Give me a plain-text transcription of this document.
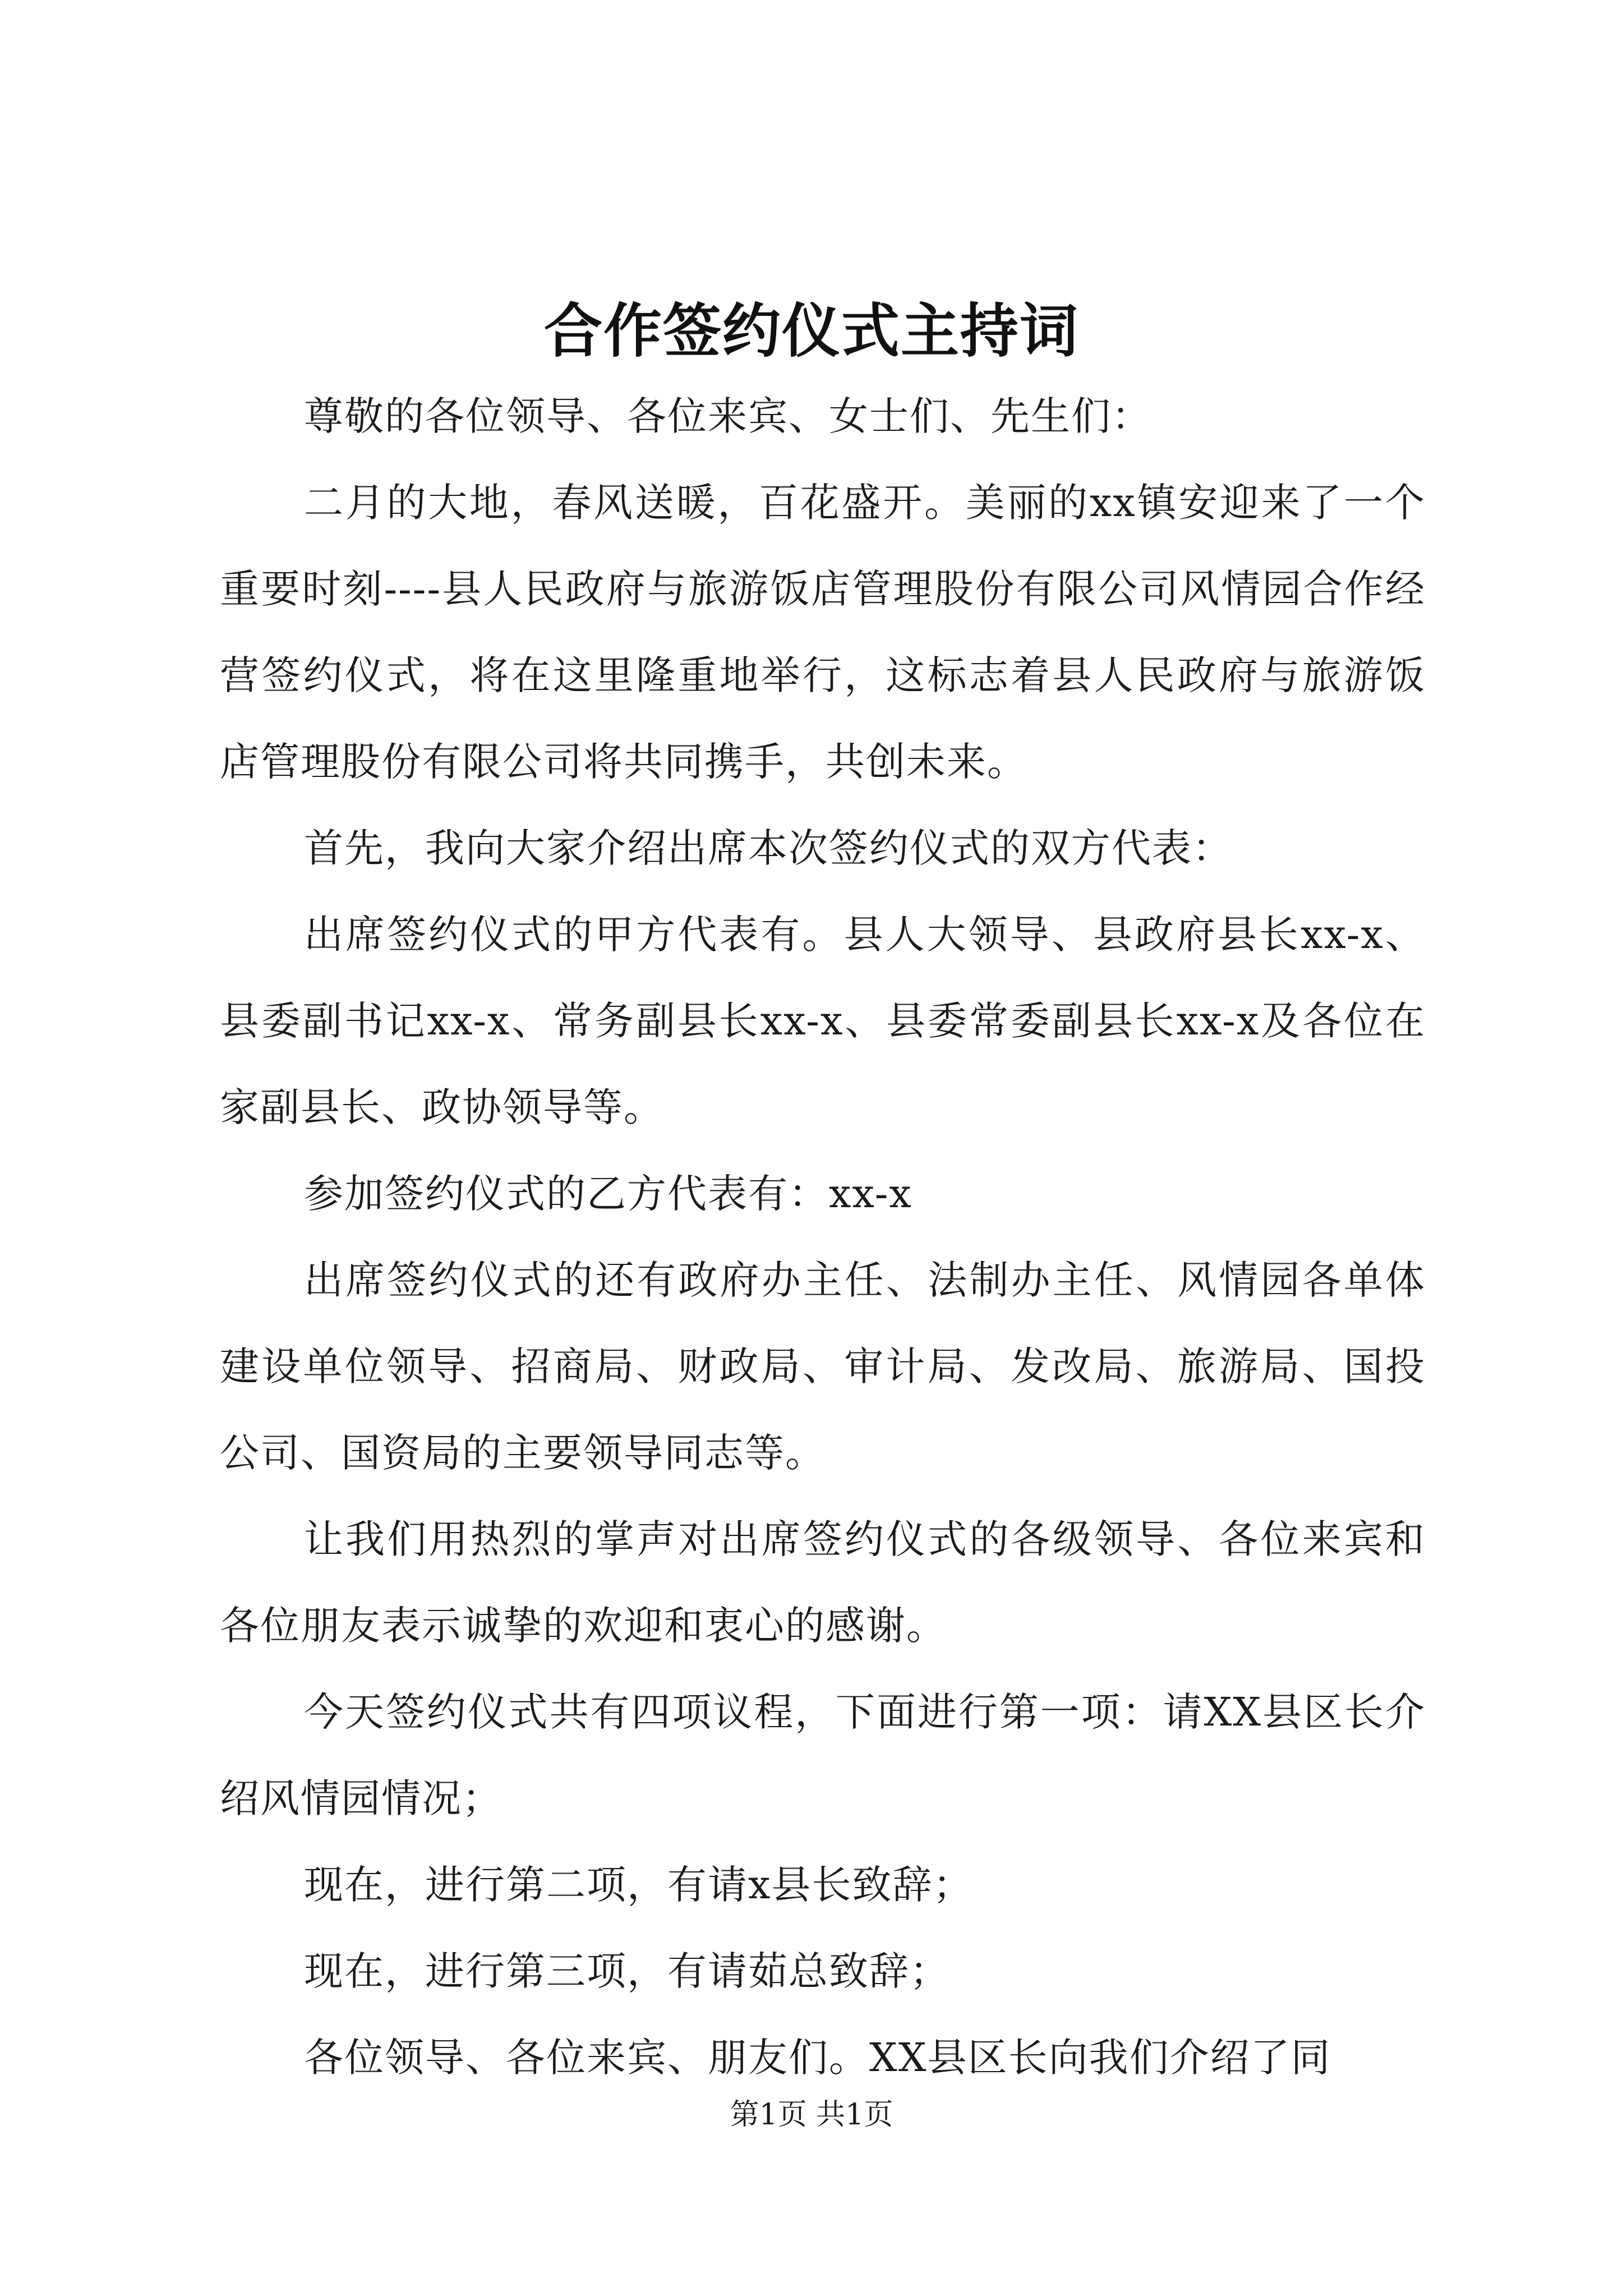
合作签约仪式主持词

尊敬的各位领导、各位来宾、女士们、先生们：

二月的大地，春风送暖，百花盛开。美丽的xx镇安迎来了一个重要时刻----县人民政府与旅游饭店管理股份有限公司风情园合作经营签约仪式，将在这里隆重地举行，这标志着县人民政府与旅游饭店管理股份有限公司将共同携手，共创未来。

首先，我向大家介绍出席本次签约仪式的双方代表：

出席签约仪式的甲方代表有。县人大领导、县政府县长xx-x、县委副书记xx-x、常务副县长xx-x、县委常委副县长xx-x及各位在家副县长、政协领导等。

参加签约仪式的乙方代表有：xx-x

出席签约仪式的还有政府办主任、法制办主任、风情园各单体建设单位领导、招商局、财政局、审计局、发改局、旅游局、国投公司、国资局的主要领导同志等。

让我们用热烈的掌声对出席签约仪式的各级领导、各位来宾和各位朋友表示诚挚的欢迎和衷心的感谢。

今天签约仪式共有四项议程，下面进行第一项：请XX县区长介绍风情园情况；

现在，进行第二项，有请x县长致辞；

现在，进行第三项，有请茹总致辞；

各位领导、各位来宾、朋友们。XX县区长向我们介绍了同

第1页 共1页
